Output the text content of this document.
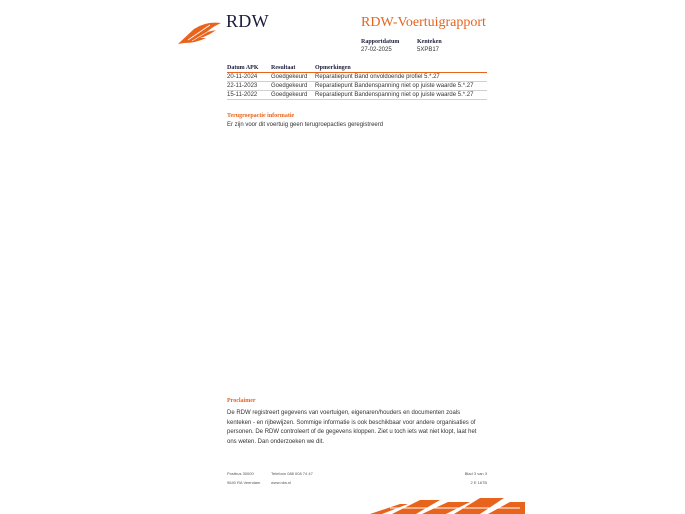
RDW	RDW-Voertuigrapport
Rapportdatum
27-02-2025
Kenteken
5XPB17
Datum APK	Resultaat	Opmerkingen
20-11-2024	Goedgekeurd	Reparatiepunt Band onvoldoende profiel 5.*.27
22-11-2023	Goedgekeurd	Reparatiepunt Bandenspanning niet op juiste waarde 5.*.27
15-11-2022	Goedgekeurd	Reparatiepunt Bandenspanning niet op juiste waarde 5.*.27
Terugroepactie informatie
Er zijn voor dit voertuig geen terugroepacties geregistreerd
Proclaimer
De RDW registreert gegevens van voertuigen, eigenaren/houders en documenten zoals kenteken - en rijbewijzen. Sommige informatie is ook beschikbaar voor andere organisaties of personen. De RDW controleert of de gegevens kloppen. Ziet u toch iets wat niet klopt, laat het ons weten. Dan onderzoeken we dit.
Postbus 30000
9640 RA Veendam
Telefoon 088 008 74 47
www.rdw.nl
Blad 3 van 3
2 E 167B
